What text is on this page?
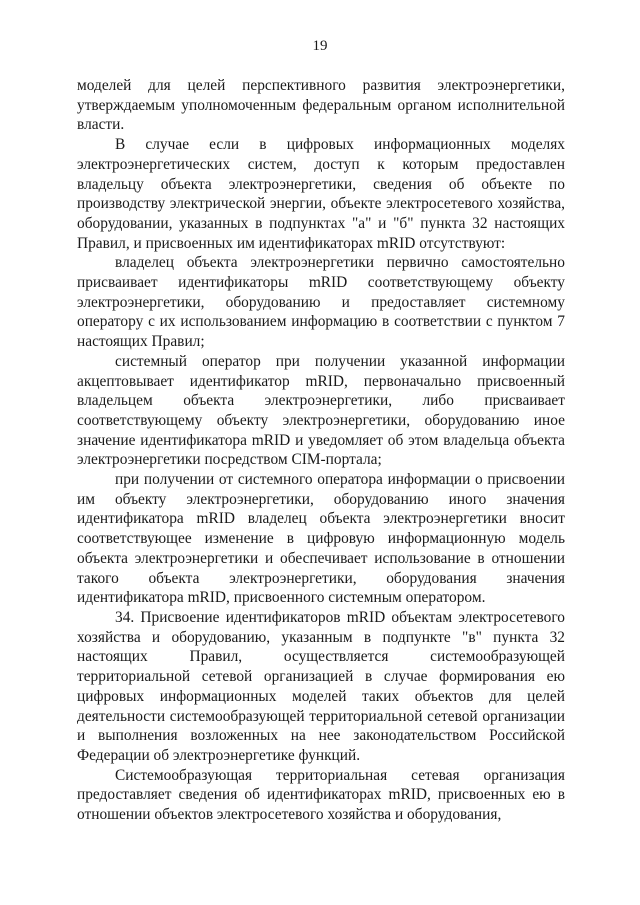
19

моделей для целей перспективного развития электроэнергетики, утверждаемым уполномоченным федеральным органом исполнительной власти.

В случае если в цифровых информационных моделях электроэнергетических систем, доступ к которым предоставлен владельцу объекта электроэнергетики, сведения об объекте по производству электрической энергии, объекте электросетевого хозяйства, оборудовании, указанных в подпунктах "а" и "б" пункта 32 настоящих Правил, и присвоенных им идентификаторах mRID отсутствуют:

владелец объекта электроэнергетики первично самостоятельно присваивает идентификаторы mRID соответствующему объекту электроэнергетики, оборудованию и предоставляет системному оператору с их использованием информацию в соответствии с пунктом 7 настоящих Правил;

системный оператор при получении указанной информации акцептовывает идентификатор mRID, первоначально присвоенный владельцем объекта электроэнергетики, либо присваивает соответствующему объекту электроэнергетики, оборудованию иное значение идентификатора mRID и уведомляет об этом владельца объекта электроэнергетики посредством CIM-портала;

при получении от системного оператора информации о присвоении им объекту электроэнергетики, оборудованию иного значения идентификатора mRID владелец объекта электроэнергетики вносит соответствующее изменение в цифровую информационную модель объекта электроэнергетики и обеспечивает использование в отношении такого объекта электроэнергетики, оборудования значения идентификатора mRID, присвоенного системным оператором.

34. Присвоение идентификаторов mRID объектам электросетевого хозяйства и оборудованию, указанным в подпункте "в" пункта 32 настоящих Правил, осуществляется системообразующей территориальной сетевой организацией в случае формирования ею цифровых информационных моделей таких объектов для целей деятельности системообразующей территориальной сетевой организации и выполнения возложенных на нее законодательством Российской Федерации об электроэнергетике функций.

Системообразующая территориальная сетевая организация предоставляет сведения об идентификаторах mRID, присвоенных ею в отношении объектов электросетевого хозяйства и оборудования,
